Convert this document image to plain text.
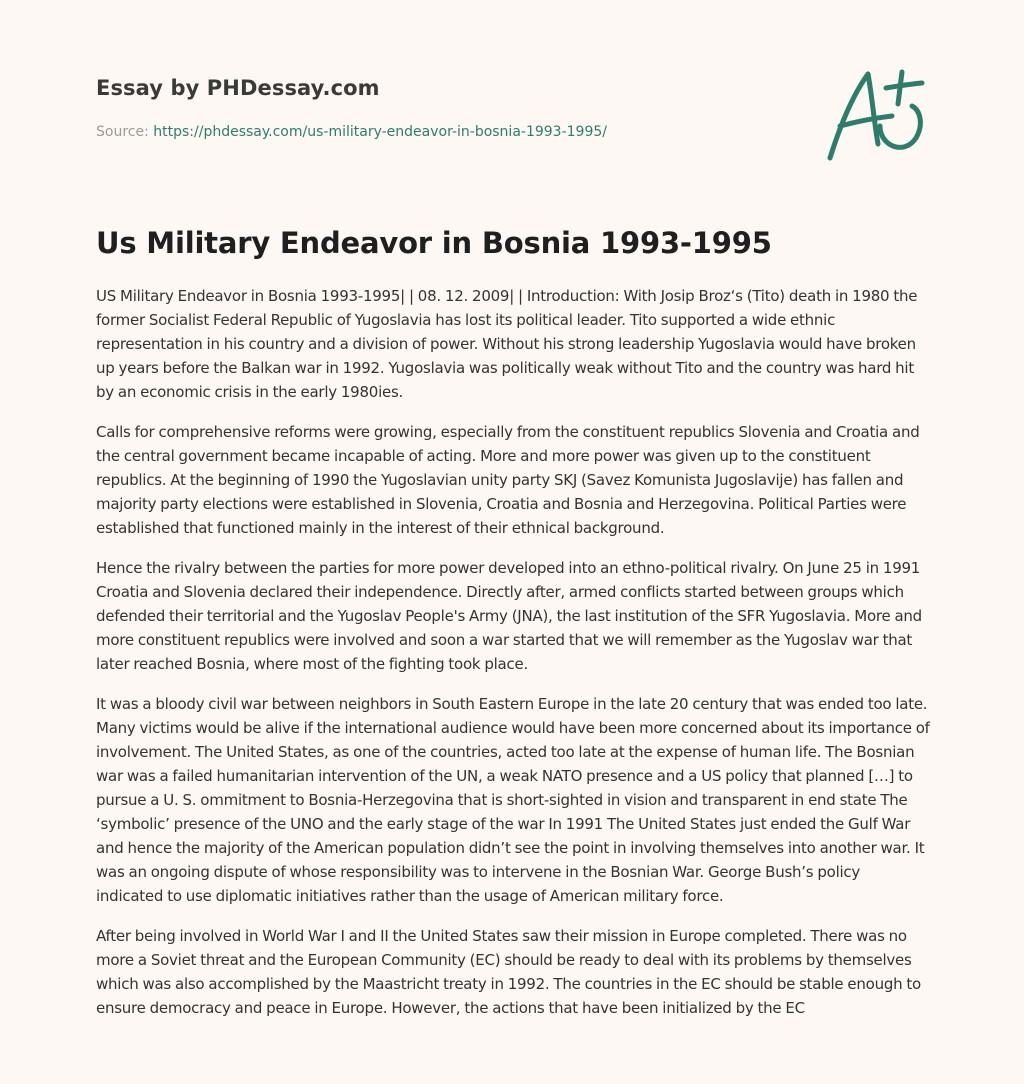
Essay by PHDessay.com
Source: https://phdessay.com/us-military-endeavor-in-bosnia-1993-1995/
Us Military Endeavor in Bosnia 1993-1995

US Military Endeavor in Bosnia 1993-1995| | 08. 12. 2009| | Introduction: With Josip Broz‘s (Tito) death in 1980 the former Socialist Federal Republic of Yugoslavia has lost its political leader. Tito supported a wide ethnic representation in his country and a division of power. Without his strong leadership Yugoslavia would have broken up years before the Balkan war in 1992. Yugoslavia was politically weak without Tito and the country was hard hit by an economic crisis in the early 1980ies.

Calls for comprehensive reforms were growing, especially from the constituent republics Slovenia and Croatia and the central government became incapable of acting. More and more power was given up to the constituent republics. At the beginning of 1990 the Yugoslavian unity party SKJ (Savez Komunista Jugoslavije) has fallen and majority party elections were established in Slovenia, Croatia and Bosnia and Herzegovina. Political Parties were established that functioned mainly in the interest of their ethnical background.

Hence the rivalry between the parties for more power developed into an ethno-political rivalry. On June 25 in 1991 Croatia and Slovenia declared their independence. Directly after, armed conflicts started between groups which defended their territorial and the Yugoslav People's Army (JNA), the last institution of the SFR Yugoslavia. More and more constituent republics were involved and soon a war started that we will remember as the Yugoslav war that later reached Bosnia, where most of the fighting took place.

It was a bloody civil war between neighbors in South Eastern Europe in the late 20 century that was ended too late. Many victims would be alive if the international audience would have been more concerned about its importance of involvement. The United States, as one of the countries, acted too late at the expense of human life. The Bosnian war was a failed humanitarian intervention of the UN, a weak NATO presence and a US policy that planned […] to pursue a U. S. ommitment to Bosnia-Herzegovina that is short-sighted in vision and transparent in end state The ‘symbolic’ presence of the UNO and the early stage of the war In 1991 The United States just ended the Gulf War and hence the majority of the American population didn’t see the point in involving themselves into another war. It was an ongoing dispute of whose responsibility was to intervene in the Bosnian War. George Bush’s policy indicated to use diplomatic initiatives rather than the usage of American military force.

After being involved in World War I and II the United States saw their mission in Europe completed. There was no more a Soviet threat and the European Community (EC) should be ready to deal with its problems by themselves which was also accomplished by the Maastricht treaty in 1992. The countries in the EC should be stable enough to ensure democracy and peace in Europe. However, the actions that have been initialized by the EC
